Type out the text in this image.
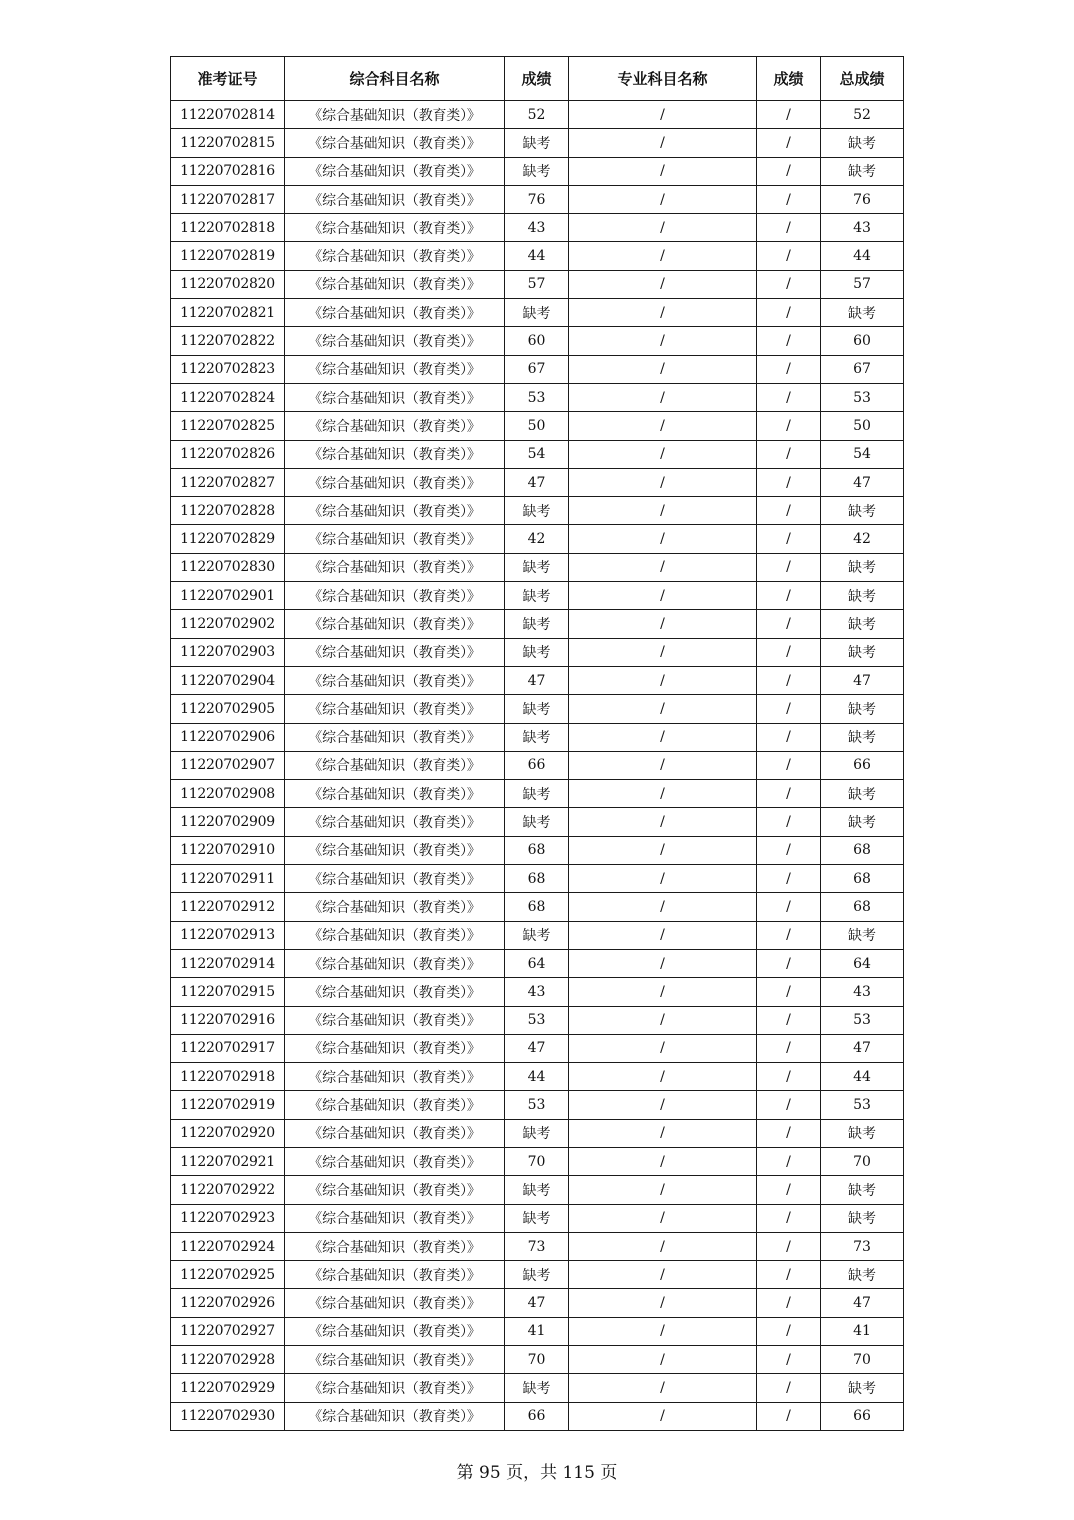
准考证号	综合科目名称	成绩	专业科目名称	成绩	总成绩
11220702814	《综合基础知识（教育类）》	52	/	/	52
11220702815	《综合基础知识（教育类）》	缺考	/	/	缺考
11220702816	《综合基础知识（教育类）》	缺考	/	/	缺考
11220702817	《综合基础知识（教育类）》	76	/	/	76
11220702818	《综合基础知识（教育类）》	43	/	/	43
11220702819	《综合基础知识（教育类）》	44	/	/	44
11220702820	《综合基础知识（教育类）》	57	/	/	57
11220702821	《综合基础知识（教育类）》	缺考	/	/	缺考
11220702822	《综合基础知识（教育类）》	60	/	/	60
11220702823	《综合基础知识（教育类）》	67	/	/	67
11220702824	《综合基础知识（教育类）》	53	/	/	53
11220702825	《综合基础知识（教育类）》	50	/	/	50
11220702826	《综合基础知识（教育类）》	54	/	/	54
11220702827	《综合基础知识（教育类）》	47	/	/	47
11220702828	《综合基础知识（教育类）》	缺考	/	/	缺考
11220702829	《综合基础知识（教育类）》	42	/	/	42
11220702830	《综合基础知识（教育类）》	缺考	/	/	缺考
11220702901	《综合基础知识（教育类）》	缺考	/	/	缺考
11220702902	《综合基础知识（教育类）》	缺考	/	/	缺考
11220702903	《综合基础知识（教育类）》	缺考	/	/	缺考
11220702904	《综合基础知识（教育类）》	47	/	/	47
11220702905	《综合基础知识（教育类）》	缺考	/	/	缺考
11220702906	《综合基础知识（教育类）》	缺考	/	/	缺考
11220702907	《综合基础知识（教育类）》	66	/	/	66
11220702908	《综合基础知识（教育类）》	缺考	/	/	缺考
11220702909	《综合基础知识（教育类）》	缺考	/	/	缺考
11220702910	《综合基础知识（教育类）》	68	/	/	68
11220702911	《综合基础知识（教育类）》	68	/	/	68
11220702912	《综合基础知识（教育类）》	68	/	/	68
11220702913	《综合基础知识（教育类）》	缺考	/	/	缺考
11220702914	《综合基础知识（教育类）》	64	/	/	64
11220702915	《综合基础知识（教育类）》	43	/	/	43
11220702916	《综合基础知识（教育类）》	53	/	/	53
11220702917	《综合基础知识（教育类）》	47	/	/	47
11220702918	《综合基础知识（教育类）》	44	/	/	44
11220702919	《综合基础知识（教育类）》	53	/	/	53
11220702920	《综合基础知识（教育类）》	缺考	/	/	缺考
11220702921	《综合基础知识（教育类）》	70	/	/	70
11220702922	《综合基础知识（教育类）》	缺考	/	/	缺考
11220702923	《综合基础知识（教育类）》	缺考	/	/	缺考
11220702924	《综合基础知识（教育类）》	73	/	/	73
11220702925	《综合基础知识（教育类）》	缺考	/	/	缺考
11220702926	《综合基础知识（教育类）》	47	/	/	47
11220702927	《综合基础知识（教育类）》	41	/	/	41
11220702928	《综合基础知识（教育类）》	70	/	/	70
11220702929	《综合基础知识（教育类）》	缺考	/	/	缺考
11220702930	《综合基础知识（教育类）》	66	/	/	66
第 95 页，共 115 页
